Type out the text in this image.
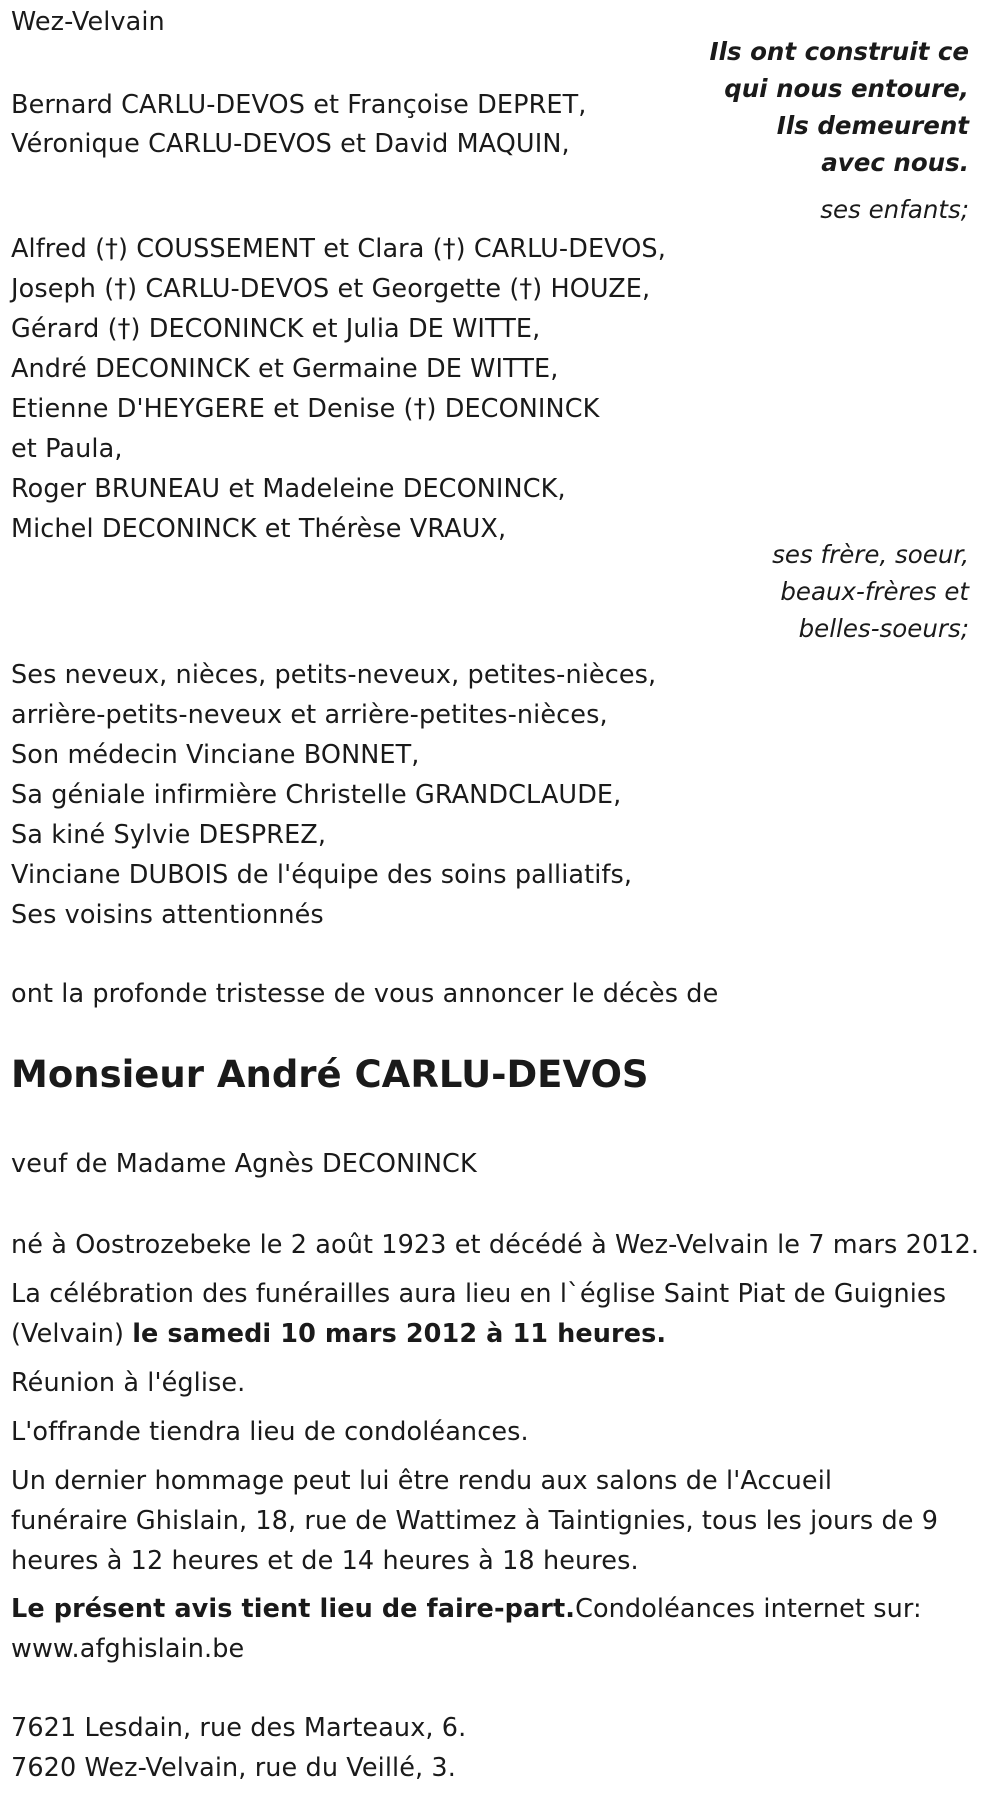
Wez-Velvain
Ils ont construit ce
qui nous entoure,
Ils demeurent
avec nous.
ses enfants;
Bernard CARLU-DEVOS et Françoise DEPRET,
Véronique CARLU-DEVOS et David MAQUIN,
Alfred (†) COUSSEMENT et Clara (†) CARLU-DEVOS,
Joseph (†) CARLU-DEVOS et Georgette (†) HOUZE,
Gérard (†) DECONINCK et Julia DE WITTE,
André DECONINCK et Germaine DE WITTE,
Etienne D'HEYGERE et Denise (†) DECONINCK
et Paula,
Roger BRUNEAU et Madeleine DECONINCK,
Michel DECONINCK et Thérèse VRAUX,
ses frère, soeur,
beaux-frères et
belles-soeurs;
Ses neveux, nièces, petits-neveux, petites-nièces,
arrière-petits-neveux et arrière-petites-nièces,
Son médecin Vinciane BONNET,
Sa géniale infirmière Christelle GRANDCLAUDE,
Sa kiné Sylvie DESPREZ,
Vinciane DUBOIS de l'équipe des soins palliatifs,
Ses voisins attentionnés
ont la profonde tristesse de vous annoncer le décès de
Monsieur André CARLU-DEVOS
veuf de Madame Agnès DECONINCK
né à Oostrozebeke le 2 août 1923 et décédé à Wez-Velvain le 7 mars 2012.
La célébration des funérailles aura lieu en l`église Saint Piat de Guignies
(Velvain) le samedi 10 mars 2012 à 11 heures.
Réunion à l'église.
L'offrande tiendra lieu de condoléances.
Un dernier hommage peut lui être rendu aux salons de l'Accueil
funéraire Ghislain, 18, rue de Wattimez à Taintignies, tous les jours de 9
heures à 12 heures et de 14 heures à 18 heures.
Le présent avis tient lieu de faire-part.Condoléances internet sur:
www.afghislain.be
7621 Lesdain, rue des Marteaux, 6.
7620 Wez-Velvain, rue du Veillé, 3.
